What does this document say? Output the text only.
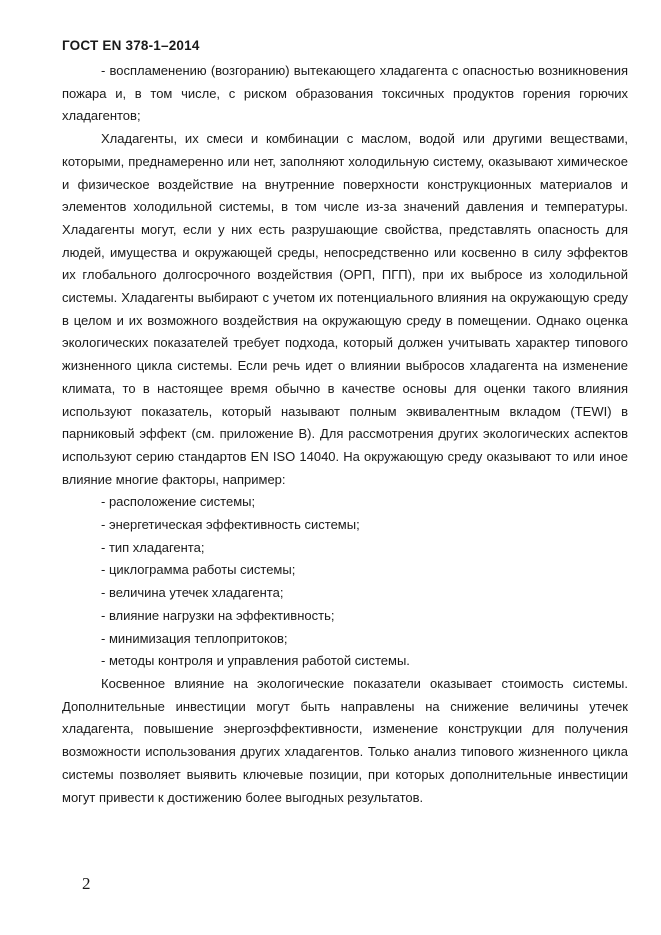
ГОСТ EN 378-1–2014

- воспламенению (возгоранию) вытекающего хладагента с опасностью возникновения пожара и, в том числе, с риском образования токсичных продуктов горения горючих хладагентов;

Хладагенты, их смеси и комбинации с маслом, водой или другими веществами, которыми, преднамеренно или нет, заполняют холодильную систему, оказывают химическое и физическое воздействие на внутренние поверхности конструкционных материалов и элементов холодильной системы, в том числе из-за значений давления и температуры. Хладагенты могут, если у них есть разрушающие свойства, представлять опасность для людей, имущества и окружающей среды, непосредственно или косвенно в силу эффектов их глобального долгосрочного воздействия (ОРП, ПГП), при их выбросе из холодильной системы. Хладагенты выбирают с учетом их потенциального влияния на окружающую среду в целом и их возможного воздействия на окружающую среду в помещении. Однако оценка экологических показателей требует подхода, который должен учитывать характер типового жизненного цикла системы. Если речь идет о влиянии выбросов хладагента на изменение климата, то в настоящее время обычно в качестве основы для оценки такого влияния используют показатель, который называют полным эквивалентным вкладом (TEWI) в парниковый эффект (см. приложение В). Для рассмотрения других экологических аспектов используют серию стандартов EN ISO 14040. На окружающую среду оказывают то или иное влияние многие факторы, например:

- расположение системы;
- энергетическая эффективность системы;
- тип хладагента;
- циклограмма работы системы;
- величина утечек хладагента;
- влияние нагрузки на эффективность;
- минимизация теплопритоков;
- методы контроля и управления работой системы.

Косвенное влияние на экологические показатели оказывает стоимость системы. Дополнительные инвестиции могут быть направлены на снижение величины утечек хладагента, повышение энергоэффективности, изменение конструкции для получения возможности использования других хладагентов. Только анализ типового жизненного цикла системы позволяет выявить ключевые позиции, при которых дополнительные инвестиции могут привести к достижению более выгодных результатов.

2
